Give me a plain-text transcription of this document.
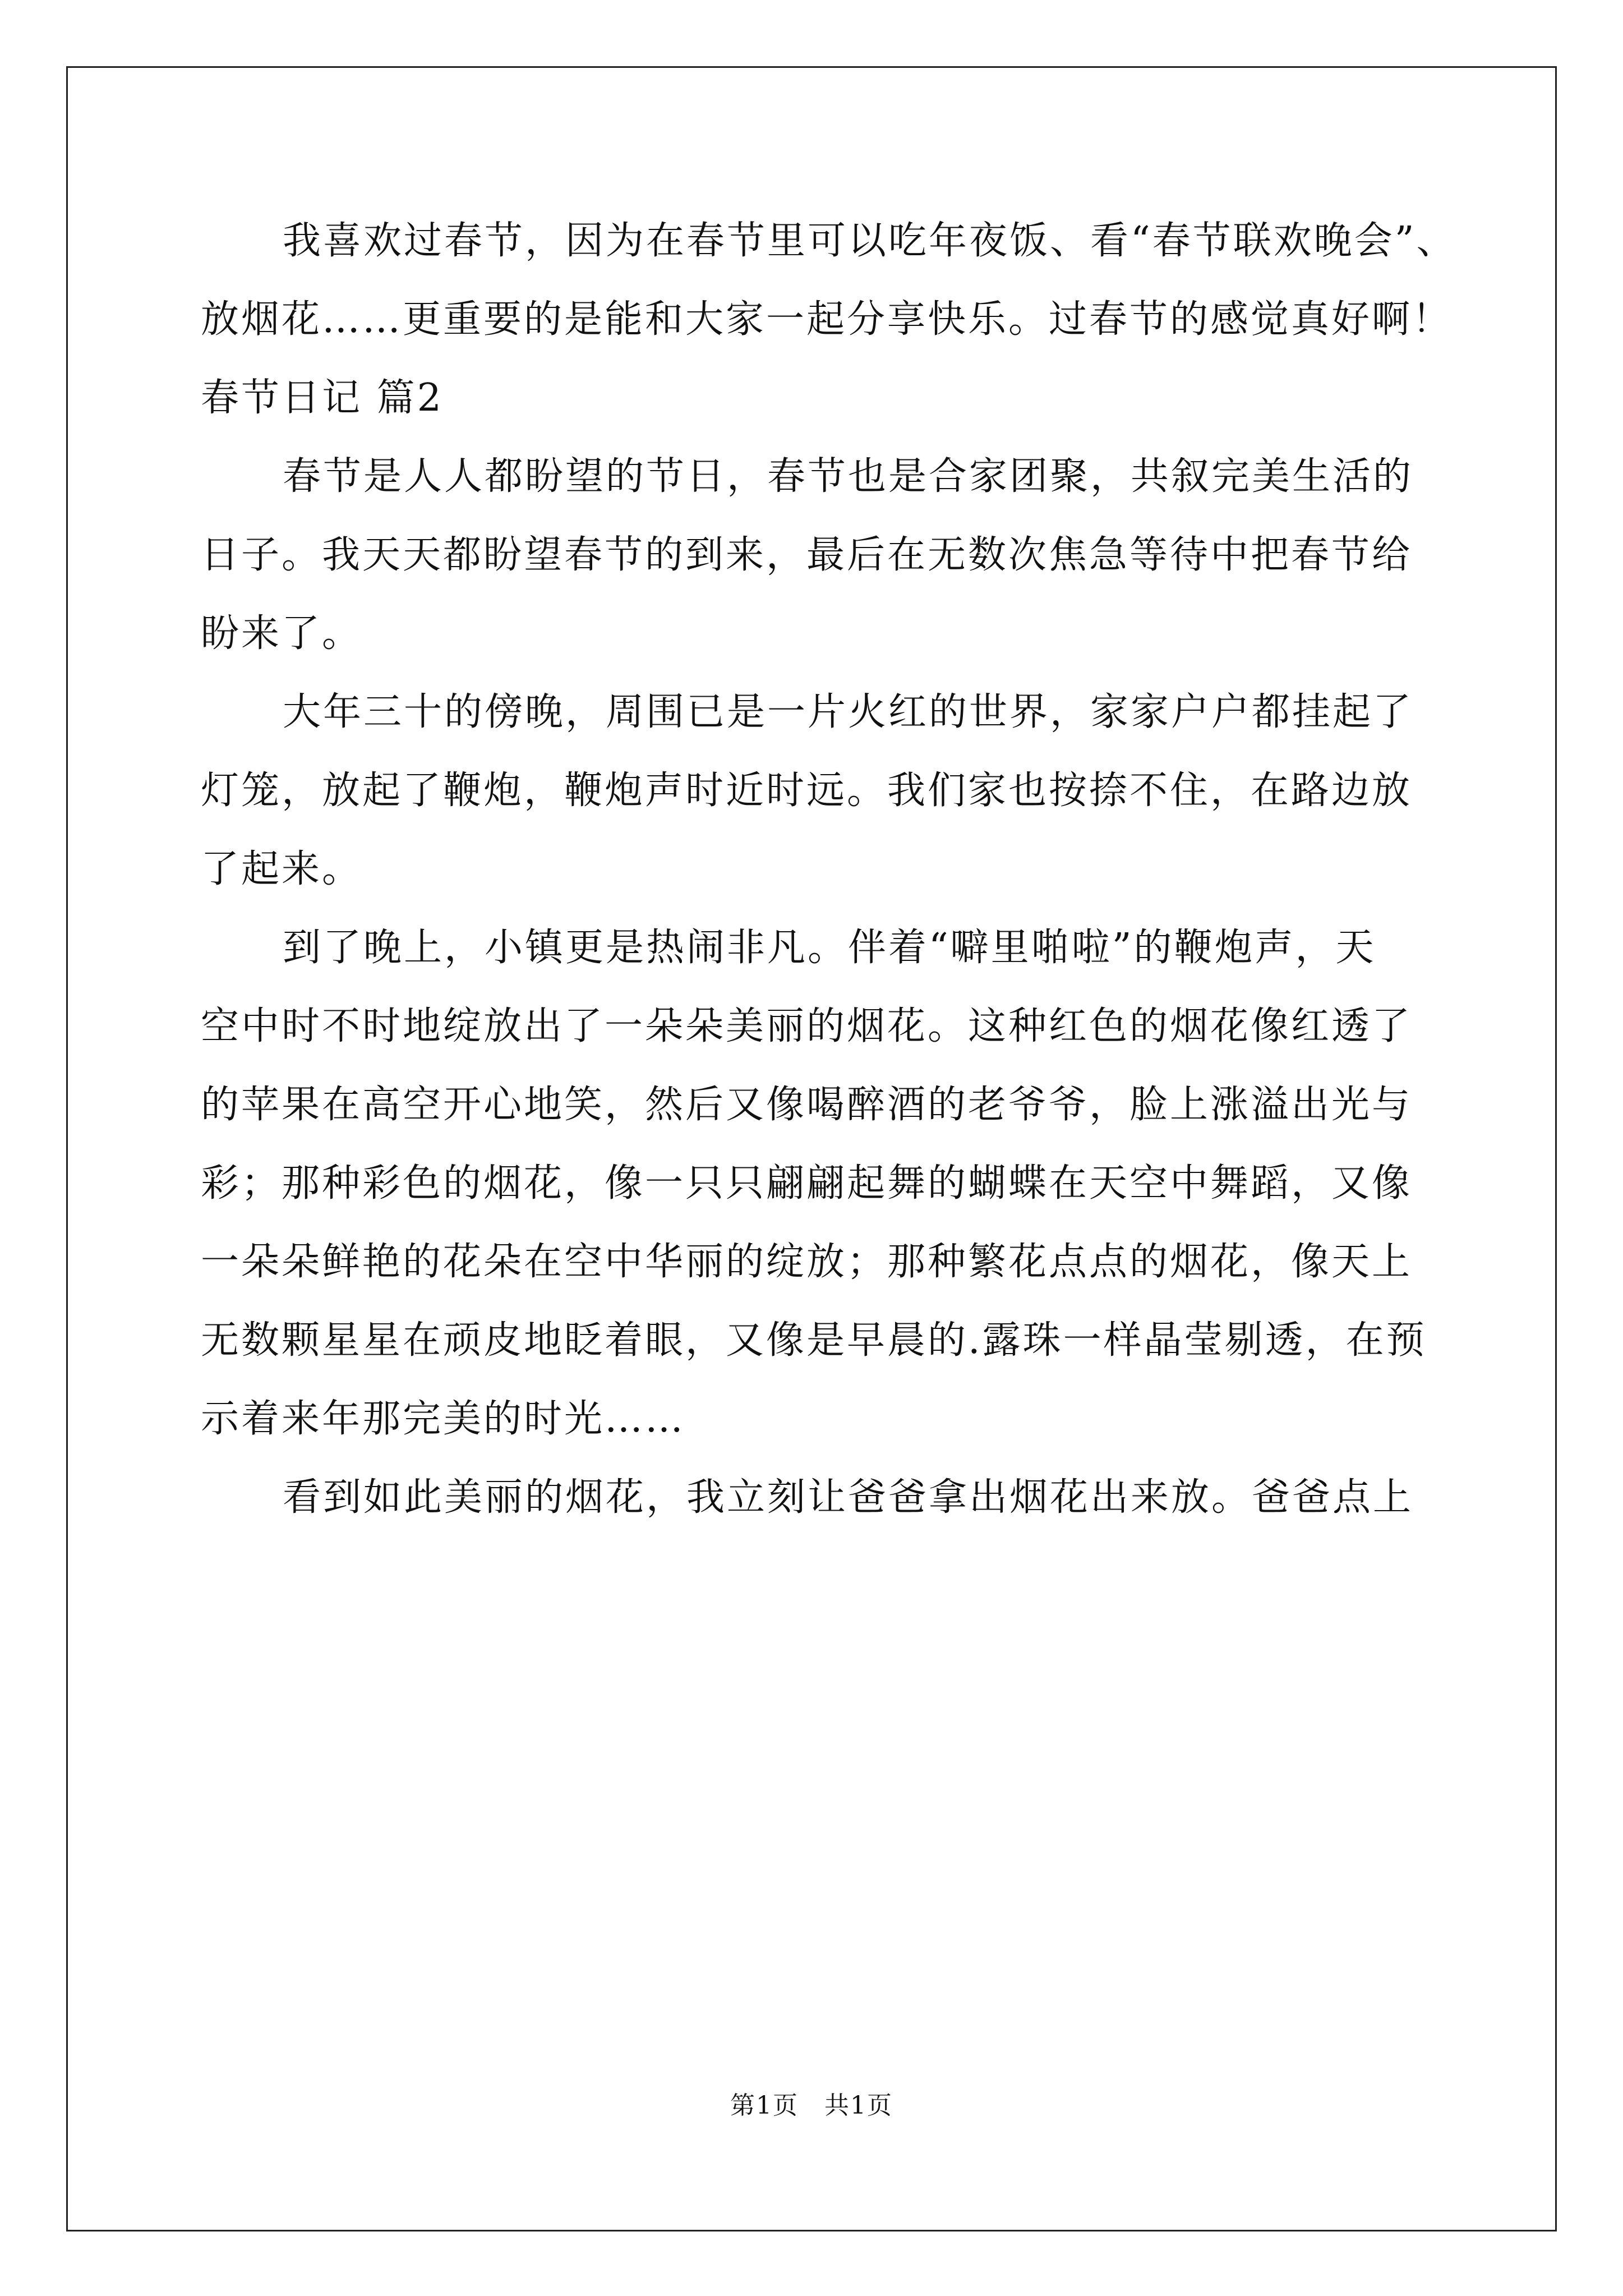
我喜欢过春节，因为在春节里可以吃年夜饭、看“春节联欢晚会”、
放烟花……更重要的是能和大家一起分享快乐。过春节的感觉真好啊！
春节日记 篇2
春节是人人都盼望的节日，春节也是合家团聚，共叙完美生活的
日子。我天天都盼望春节的到来，最后在无数次焦急等待中把春节给
盼来了。
大年三十的傍晚，周围已是一片火红的世界，家家户户都挂起了
灯笼，放起了鞭炮，鞭炮声时近时远。我们家也按捺不住，在路边放
了起来。
到了晚上，小镇更是热闹非凡。伴着“噼里啪啦”的鞭炮声，天
空中时不时地绽放出了一朵朵美丽的烟花。这种红色的烟花像红透了
的苹果在高空开心地笑，然后又像喝醉酒的老爷爷，脸上涨溢出光与
彩；那种彩色的烟花，像一只只翩翩起舞的蝴蝶在天空中舞蹈，又像
一朵朵鲜艳的花朵在空中华丽的绽放；那种繁花点点的烟花，像天上
无数颗星星在顽皮地眨着眼，又像是早晨的.露珠一样晶莹剔透，在预
示着来年那完美的时光……
看到如此美丽的烟花，我立刻让爸爸拿出烟花出来放。爸爸点上
第1页　共1页
